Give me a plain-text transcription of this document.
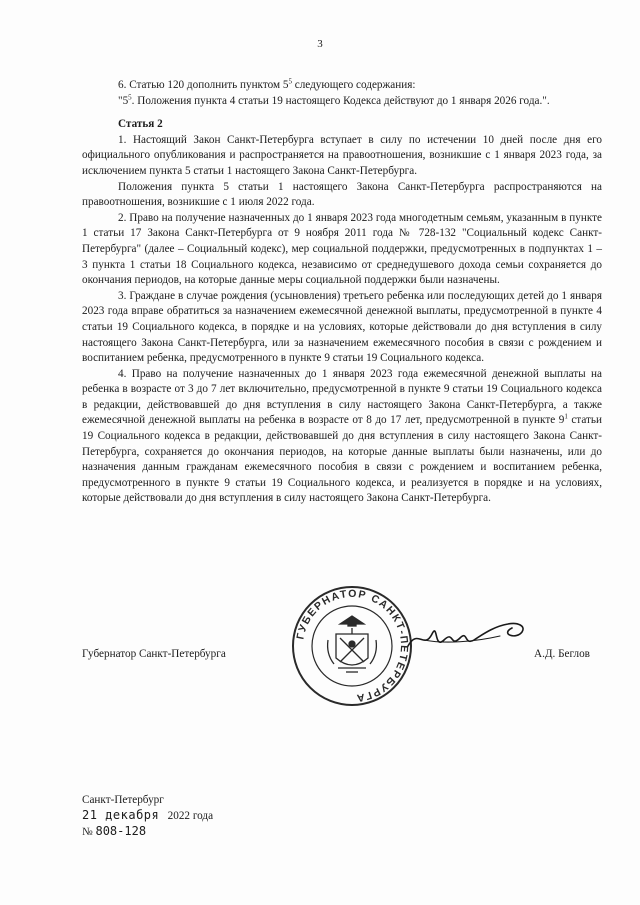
3

6. Статью 120 дополнить пунктом $5^5$ следующего содержания:

"$5^5$. Положения пункта 4 статьи 19 настоящего Кодекса действуют до 1 января 2026 года.".

Статья 2

1. Настоящий Закон Санкт-Петербурга вступает в силу по истечении 10 дней после дня его официального опубликования и распространяется на правоотношения, возникшие с 1 января 2023 года, за исключением пункта 5 статьи 1 настоящего Закона Санкт-Петербурга.

Положения пункта 5 статьи 1 настоящего Закона Санкт-Петербурга распространяются на правоотношения, возникшие с 1 июля 2022 года.

2. Право на получение назначенных до 1 января 2023 года многодетным семьям, указанным в пункте 1 статьи 17 Закона Санкт-Петербурга от 9 ноября 2011 года № 728-132 "Социальный кодекс Санкт-Петербурга" (далее – Социальный кодекс), мер социальной поддержки, предусмотренных в подпунктах 1 – 3 пункта 1 статьи 18 Социального кодекса, независимо от среднедушевого дохода семьи сохраняется до окончания периодов, на которые данные меры социальной поддержки были назначены.

3. Граждане в случае рождения (усыновления) третьего ребенка или последующих детей до 1 января 2023 года вправе обратиться за назначением ежемесячной денежной выплаты, предусмотренной в пункте 4 статьи 19 Социального кодекса, в порядке и на условиях, которые действовали до дня вступления в силу настоящего Закона Санкт-Петербурга, или за назначением ежемесячного пособия в связи с рождением и воспитанием ребенка, предусмотренного в пункте 9 статьи 19 Социального кодекса.

4. Право на получение назначенных до 1 января 2023 года ежемесячной денежной выплаты на ребенка в возрасте от 3 до 7 лет включительно, предусмотренной в пункте 9 статьи 19 Социального кодекса в редакции, действовавшей до дня вступления в силу настоящего Закона Санкт-Петербурга, а также ежемесячной денежной выплаты на ребенка в возрасте от 8 до 17 лет, предусмотренной в пункте $9^1$ статьи 19 Социального кодекса в редакции, действовавшей до дня вступления в силу настоящего Закона Санкт-Петербурга, сохраняется до окончания периодов, на которые данные выплаты были назначены, или до назначения данным гражданам ежемесячного пособия в связи с рождением и воспитанием ребенка, предусмотренного в пункте 9 статьи 19 Социального кодекса, и реализуется в порядке и на условиях, которые действовали до дня вступления в силу настоящего Закона Санкт-Петербурга.

ГУБЕРНАТОР САНКТ-ПЕТЕРБУРГА
Губернатор Санкт-Петербурга	А.Д. Беглов
Санкт-Петербург
21 декабря 2022 года
№ 808-128
